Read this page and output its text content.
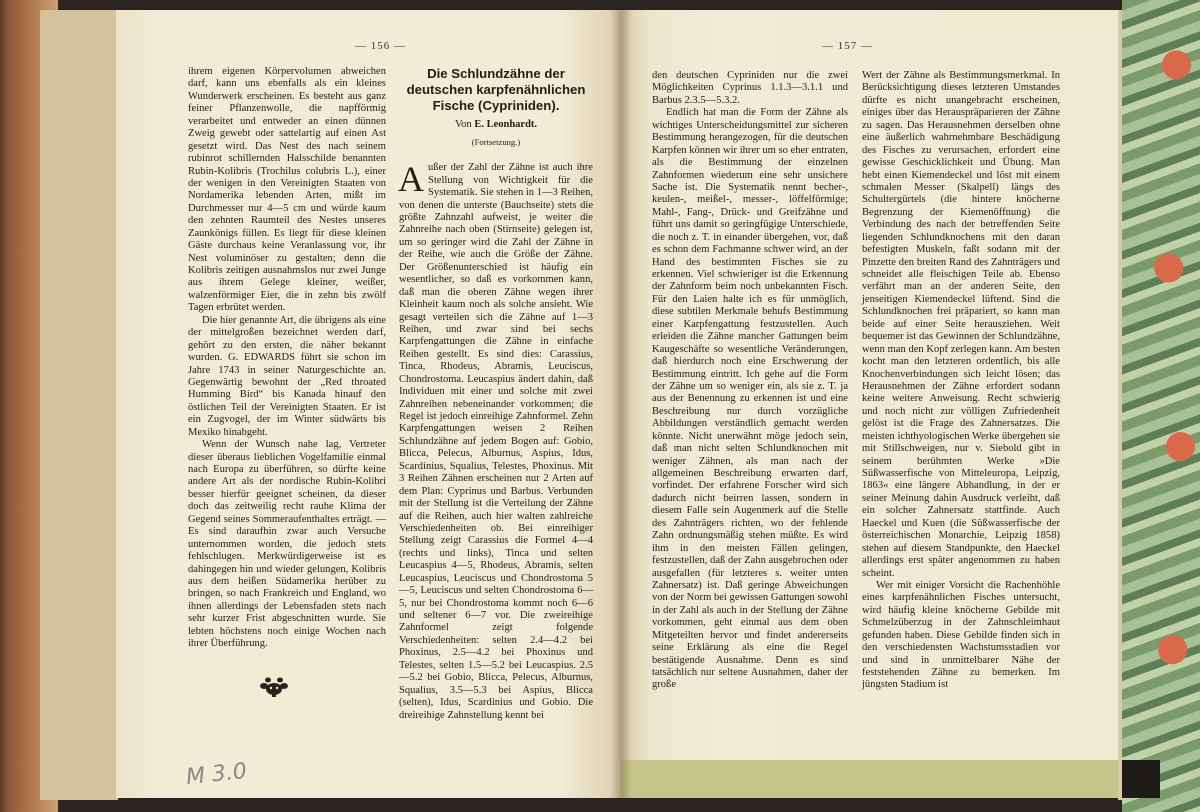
— 156 —	— 157 —

ihrem eigenen Körpervolumen abweichen darf, kann uns ebenfalls als ein kleines Wunderwerk erscheinen. Es besteht aus ganz feiner Pflanzenwolle, die napfförmig verarbeitet und entweder an einen dünnen Zweig gewebt oder sattelartig auf einen Ast gesetzt wird. Das Nest des nach seinem rubinrot schillernden Halsschilde benannten Rubin-Kolibris (Trochilus colubris L.), einer der wenigen in den Vereinigten Staaten von Nordamerika lebenden Arten, mißt im Durchmesser nur 4—5 cm und würde kaum den zehnten Raumteil des Nestes unseres Zaunkönigs füllen. Es liegt für diese kleinen Gäste durchaus keine Veranlassung vor, ihr Nest voluminöser zu gestalten; denn die Kolibris zeitigen ausnahmslos nur zwei Junge aus ihrem Gelege kleiner, weißer, walzenförmiger Eier, die in zehn bis zwölf Tagen erbrütet werden.

Die hier genannte Art, die übrigens als eine der mittelgroßen bezeichnet werden darf, gehört zu den ersten, die näher bekannt wurden. G. EDWARDS führt sie schon im Jahre 1743 in seiner Naturgeschichte an. Gegenwärtig bewohnt der „Red throated Humming Bird“ bis Kanada hinauf den östlichen Teil der Vereinigten Staaten. Er ist ein Zugvogel, der im Winter südwärts bis Mexiko hinabgeht.

Wenn der Wunsch nahe lag, Vertreter dieser überaus lieblichen Vogelfamilie einmal nach Europa zu überführen, so dürfte keine andere Art als der nordische Rubin-Kolibri besser hierfür geeignet scheinen, da dieser doch das zeitweilig recht rauhe Klima der Gegend seines Sommeraufenthaltes erträgt. — Es sind daraufhin zwar auch Versuche unternommen worden, die jedoch stets fehlschlugen. Merkwürdigerweise ist es dahingegen hin und wieder gelungen, Kolibris aus dem heißen Südamerika herüber zu bringen, so nach Frankreich und England, wo ihnen allerdings der Lebensfaden stets nach sehr kurzer Frist abgeschnitten wurde. Sie lebten höchstens noch einige Wochen nach ihrer Überführung.

Die Schlundzähne der deutschen karpfenähnlichen Fische (Cypriniden).
Von E. Leonhardt.
(Fortsetzung.)

Außer der Zahl der Zähne ist auch ihre Stellung von Wichtigkeit für die Systematik. Sie stehen in 1—3 Reihen, von denen die unterste (Bauchseite) stets die größte Zahnzahl aufweist, je weiter die Zahnreihe nach oben (Stirnseite) gelegen ist, um so geringer wird die Zahl der Zähne in der Reihe, wie auch die Größe der Zähne. Der Größenunterschied ist häufig ein wesentlicher, so daß es vorkommen kann, daß man die oberen Zähne wegen ihrer Kleinheit kaum noch als solche ansieht. Wie gesagt verteilen sich die Zähne auf 1—3 Reihen, und zwar sind bei sechs Karpfengattungen die Zähne in einfache Reihen gestellt. Es sind dies: Carassius, Tinca, Rhodeus, Abramis, Leuciscus, Chondrostoma. Leucaspius ändert dahin, daß Individuen mit einer und solche mit zwei Zahnreihen nebeneinander vorkommen; die Regel ist jedoch einreihige Zahnformel. Zehn Karpfengattungen weisen 2 Reihen Schlundzähne auf jedem Bogen auf: Gobio, Blicca, Pelecus, Alburnus, Aspius, Idus, Scardinius, Squalius, Telestes, Phoxinus. Mit 3 Reihen Zähnen erscheinen nur 2 Arten auf dem Plan: Cyprinus und Barbus. Verbunden mit der Stellung ist die Verteilung der Zähne auf die Reihen, auch hier walten zahlreiche Verschiedenheiten ob. Bei einreihiger Stellung zeigt Carassius die Formel 4—4 (rechts und links), Tinca und selten Leucaspius 4—5, Rhodeus, Abramis, selten Leucaspius, Leuciscus und Chondrostoma 5—5, Leuciscus und selten Chondrostoma 6—5, nur bei Chondrostoma kommt noch 6—6 und seltener 6—7 vor. Die zweireihige Zahnformel zeigt folgende Verschiedenheiten: selten 2.4—4.2 bei Phoxinus, 2.5—4.2 bei Phoxinus und Telestes, selten 1.5—5.2 bei Leucaspius. 2.5—5.2 bei Gobio, Blicca, Pelecus, Alburnus, Squalius, 3.5—5.3 bei Aspius, Blicca (selten), Idus, Scardinius und Gobio. Die dreireihige Zahnstellung kennt bei

M 3.0

den deutschen Cypriniden nur die zwei Möglichkeiten Cyprinus 1.1.3—3.1.1 und Barbus 2.3.5—5.3.2.

Endlich hat man die Form der Zähne als wichtiges Unterscheidungsmittel zur sicheren Bestimmung herangezogen, für die deutschen Karpfen können wir ihrer um so eher entraten, als die Bestimmung der einzelnen Zahnformen wiederum eine sehr unsichere Sache ist. Die Systematik nennt becher-, keulen-, meißel-, messer-, löffelförmige; Mahl-, Fang-, Drück- und Greifzähne und führt uns damit so geringfügige Unterschiede, die noch z. T. in einander übergehen, vor, daß es schon dem Fachmanne schwer wird, an der Hand des bestimmten Fisches sie zu erkennen. Viel schwieriger ist die Erkennung der Zahnform beim noch unbekannten Fisch. Für den Laien halte ich es für unmöglich, diese subtilen Merkmale behufs Bestimmung einer Karpfengattung festzustellen. Auch erleiden die Zähne mancher Gattungen beim Kaugeschäfte so wesentliche Veränderungen, daß hierdurch noch eine Erschwerung der Bestimmung eintritt. Ich gehe auf die Form der Zähne um so weniger ein, als sie z. T. ja aus der Benennung zu erkennen ist und eine Beschreibung nur durch vorzügliche Abbildungen verständlich gemacht werden könnte. Nicht unerwähnt möge jedoch sein, daß man nicht selten Schlundknochen mit weniger Zähnen, als man nach der allgemeinen Beschreibung erwarten darf, vorfindet. Der erfahrene Forscher wird sich dadurch nicht beirren lassen, sondern in diesem Falle sein Augenmerk auf die Stelle des Zahnträgers richten, wo der fehlende Zahn ordnungsmäßig stehen müßte. Es wird ihm in den meisten Fällen gelingen, festzustellen, daß der Zahn ausgebrochen oder ausgefallen (für letzteres s. weiter unten Zahnersatz) ist. Daß geringe Abweichungen von der Norm bei gewissen Gattungen sowohl in der Zahl als auch in der Stellung der Zähne vorkommen, geht einmal aus dem oben Mitgeteilten hervor und findet andererseits seine Erklärung als eine die Regel bestätigende Ausnahme. Denn es sind tatsächlich nur seltene Ausnahmen, daher der große

Wert der Zähne als Bestimmungsmerkmal. In Berücksichtigung dieses letzteren Umstandes dürfte es nicht unangebracht erscheinen, einiges über das Herauspräparieren der Zähne zu sagen. Das Herausnehmen derselben ohne eine äußerlich wahrnehmbare Beschädigung des Fisches zu verursachen, erfordert eine gewisse Geschicklichkeit und Übung. Man hebt einen Kiemendeckel und löst mit einem schmalen Messer (Skalpell) längs des Schultergürtels (die hintere knöcherne Begrenzung der Kiemenöffnung) die Verbindung des nach der betreffenden Seite liegenden Schlundknochens mit den daran befestigten Muskeln, faßt sodann mit der Pinzette den breiten Rand des Zahnträgers und schneidet alle fleischigen Teile ab. Ebenso verfährt man an der anderen Seite, den jenseitigen Kiemendeckel lüftend. Sind die Schlundknochen frei präpariert, so kann man beide auf einer Seite herausziehen. Weit bequemer ist das Gewinnen der Schlundzähne, wenn man den Kopf zerlegen kann. Am besten kocht man den letzteren ordentlich, bis alle Knochenverbindungen sich leicht lösen; das Herausnehmen der Zähne erfordert sodann keine weitere Anweisung. Recht schwierig und noch nicht zur völligen Zufriedenheit gelöst ist die Frage des Zahnersatzes. Die meisten ichthyologischen Werke übergehen sie mit Stillschweigen, nur v. Siebold gibt in seinem berühmten Werke »Die Süßwasserfische von Mitteleuropa, Leipzig, 1863« eine längere Abhandlung, in der er seiner Meinung dahin Ausdruck verleiht, daß ein solcher Zahnersatz stattfinde. Auch Haeckel und Kuen (die Süßwasserfische der österreichischen Monarchie, Leipzig 1858) stehen auf diesem Standpunkte, den Haeckel allerdings erst später angenommen zu haben scheint.

Wer mit einiger Vorsicht die Rachenhöhle eines karpfenähnlichen Fisches untersucht, wird häufig kleine knöcherne Gebilde mit Schmelzüberzug in der Zahnschleimhaut gefunden haben. Diese Gebilde finden sich in den verschiedensten Wachstumsstadien vor und sind in unmittelbarer Nähe der feststehenden Zähne zu bemerken. Im jüngsten Stadium ist
